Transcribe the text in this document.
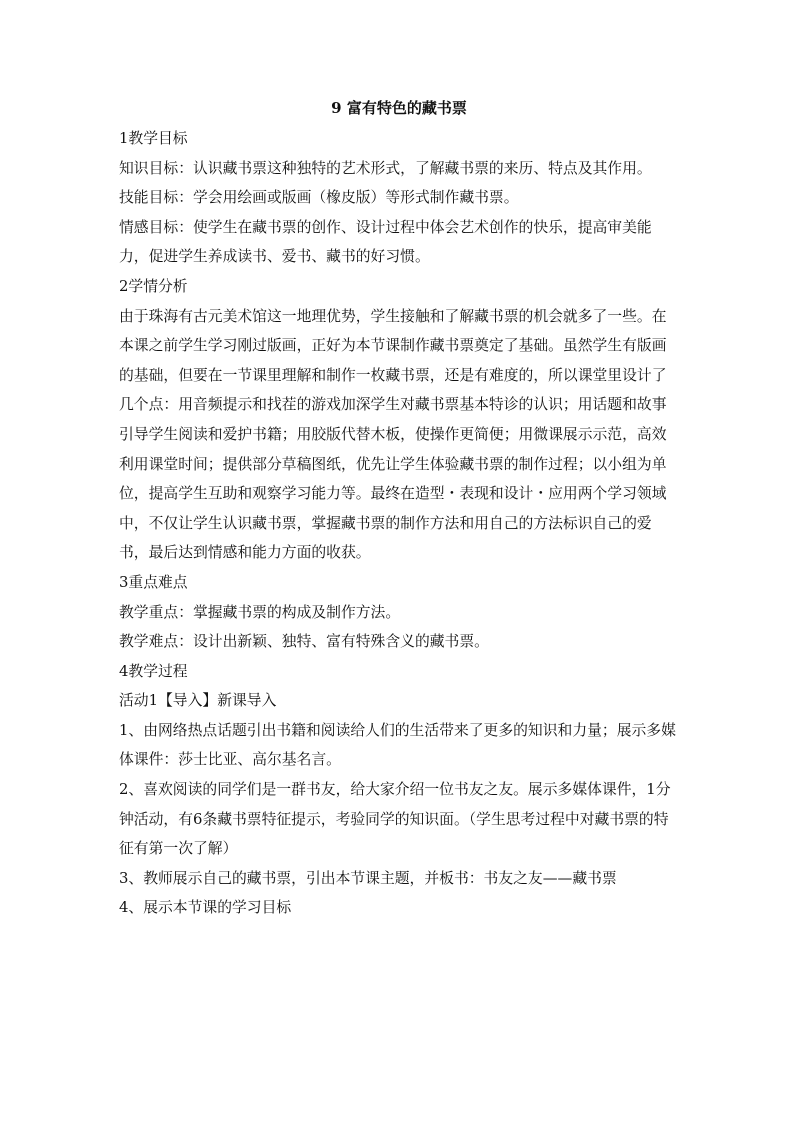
9 富有特色的藏书票

1教学目标

知识目标：认识藏书票这种独特的艺术形式，了解藏书票的来历、特点及其作用。

技能目标：学会用绘画或版画（橡皮版）等形式制作藏书票。

情感目标：使学生在藏书票的创作、设计过程中体会艺术创作的快乐，提高审美能力，促进学生养成读书、爱书、藏书的好习惯。

2学情分析

由于珠海有古元美术馆这一地理优势，学生接触和了解藏书票的机会就多了一些。在本课之前学生学习刚过版画，正好为本节课制作藏书票奠定了基础。虽然学生有版画的基础，但要在一节课里理解和制作一枚藏书票，还是有难度的，所以课堂里设计了几个点：用音频提示和找茬的游戏加深学生对藏书票基本特诊的认识；用话题和故事引导学生阅读和爱护书籍；用胶版代替木板，使操作更简便；用微课展示示范，高效利用课堂时间；提供部分草稿图纸，优先让学生体验藏书票的制作过程；以小组为单位，提高学生互助和观察学习能力等。最终在造型・表现和设计・应用两个学习领域中，不仅让学生认识藏书票，掌握藏书票的制作方法和用自己的方法标识自己的爱书，最后达到情感和能力方面的收获。

3重点难点

教学重点：掌握藏书票的构成及制作方法。

教学难点：设计出新颖、独特、富有特殊含义的藏书票。

4教学过程

活动1【导入】新课导入

1、由网络热点话题引出书籍和阅读给人们的生活带来了更多的知识和力量；展示多媒体课件：莎士比亚、高尔基名言。

2、喜欢阅读的同学们是一群书友，给大家介绍一位书友之友。展示多媒体课件，1分钟活动，有6条藏书票特征提示，考验同学的知识面。（学生思考过程中对藏书票的特征有第一次了解）

3、教师展示自己的藏书票，引出本节课主题，并板书：书友之友——藏书票

4、展示本节课的学习目标
